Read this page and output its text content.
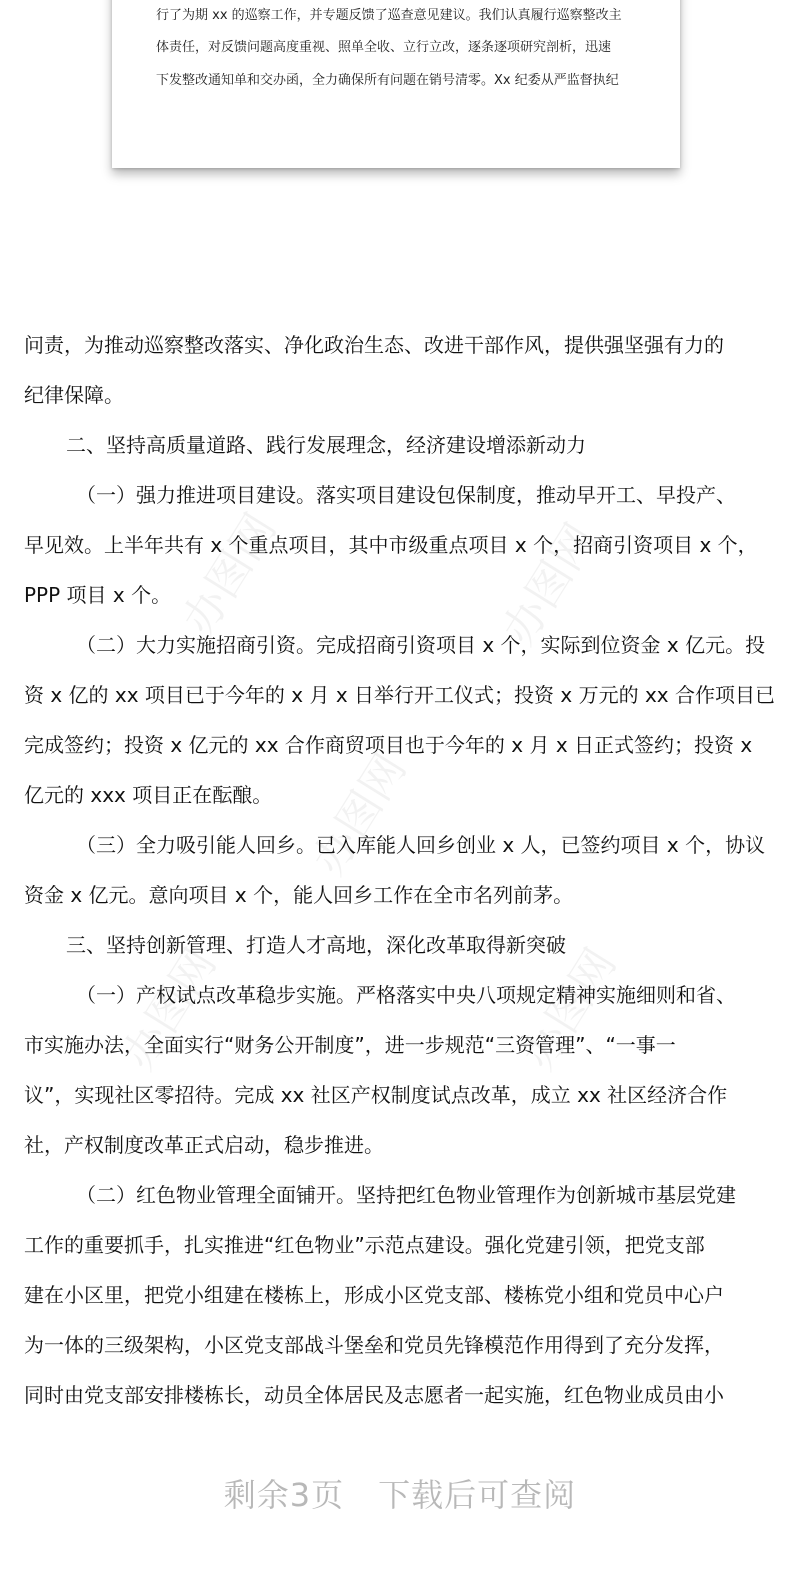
行了为期 xx 的巡察工作，并专题反馈了巡查意见建议。我们认真履行巡察整改主
体责任，对反馈问题高度重视、照单全收、立行立改，逐条逐项研究剖析，迅速
下发整改通知单和交办函，全力确保所有问题在销号清零。Xx 纪委从严监督执纪
办图网	办图网
办图网
办图网	办图网
问责，为推动巡察整改落实、净化政治生态、改进干部作风，提供强坚强有力的
纪律保障。
二、坚持高质量道路、践行发展理念，经济建设增添新动力
（一）强力推进项目建设。落实项目建设包保制度，推动早开工、早投产、
早见效。上半年共有 x 个重点项目，其中市级重点项目 x 个，招商引资项目 x 个，
PPP 项目 x 个。
（二）大力实施招商引资。完成招商引资项目 x 个，实际到位资金 x 亿元。投
资 x 亿的 xx 项目已于今年的 x 月 x 日举行开工仪式；投资 x 万元的 xx 合作项目已
完成签约；投资 x 亿元的 xx 合作商贸项目也于今年的 x 月 x 日正式签约；投资 x
亿元的 xxx 项目正在酝酿。
（三）全力吸引能人回乡。已入库能人回乡创业 x 人，已签约项目 x 个，协议
资金 x 亿元。意向项目 x 个，能人回乡工作在全市名列前茅。
三、坚持创新管理、打造人才高地，深化改革取得新突破
（一）产权试点改革稳步实施。严格落实中央八项规定精神实施细则和省、
市实施办法，全面实行“财务公开制度”，进一步规范“三资管理”、“一事一
议”，实现社区零招待。完成 xx 社区产权制度试点改革，成立 xx 社区经济合作
社，产权制度改革正式启动，稳步推进。
（二）红色物业管理全面铺开。坚持把红色物业管理作为创新城市基层党建
工作的重要抓手，扎实推进“红色物业”示范点建设。强化党建引领，把党支部
建在小区里，把党小组建在楼栋上，形成小区党支部、楼栋党小组和党员中心户
为一体的三级架构，小区党支部战斗堡垒和党员先锋模范作用得到了充分发挥，
同时由党支部安排楼栋长，动员全体居民及志愿者一起实施，红色物业成员由小
剩余3页 下载后可查阅
